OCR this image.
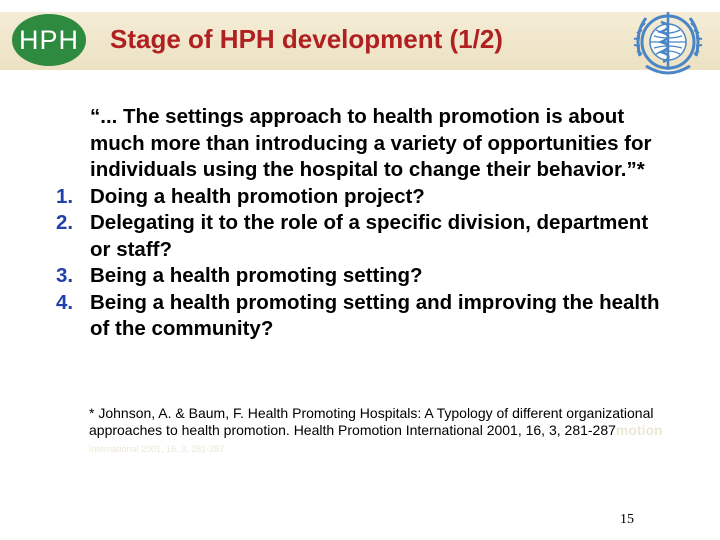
HPH Stage of HPH development (1/2)
“... The settings approach to health promotion is about much more than introducing a variety of opportunities for individuals using the hospital to change their behavior.”*
1. Doing a health promotion project?
2. Delegating it to the role of a specific division, department or staff?
3. Being a health promoting setting?
4. Being a health promoting setting and improving the health of the community?
* Johnson, A. & Baum, F. Health Promoting Hospitals: A Typology of different organizational approaches to health promotion. Health Promotion International 2001, 16, 3, 281-287motion International 2001, 16, 3, 281-287
15
